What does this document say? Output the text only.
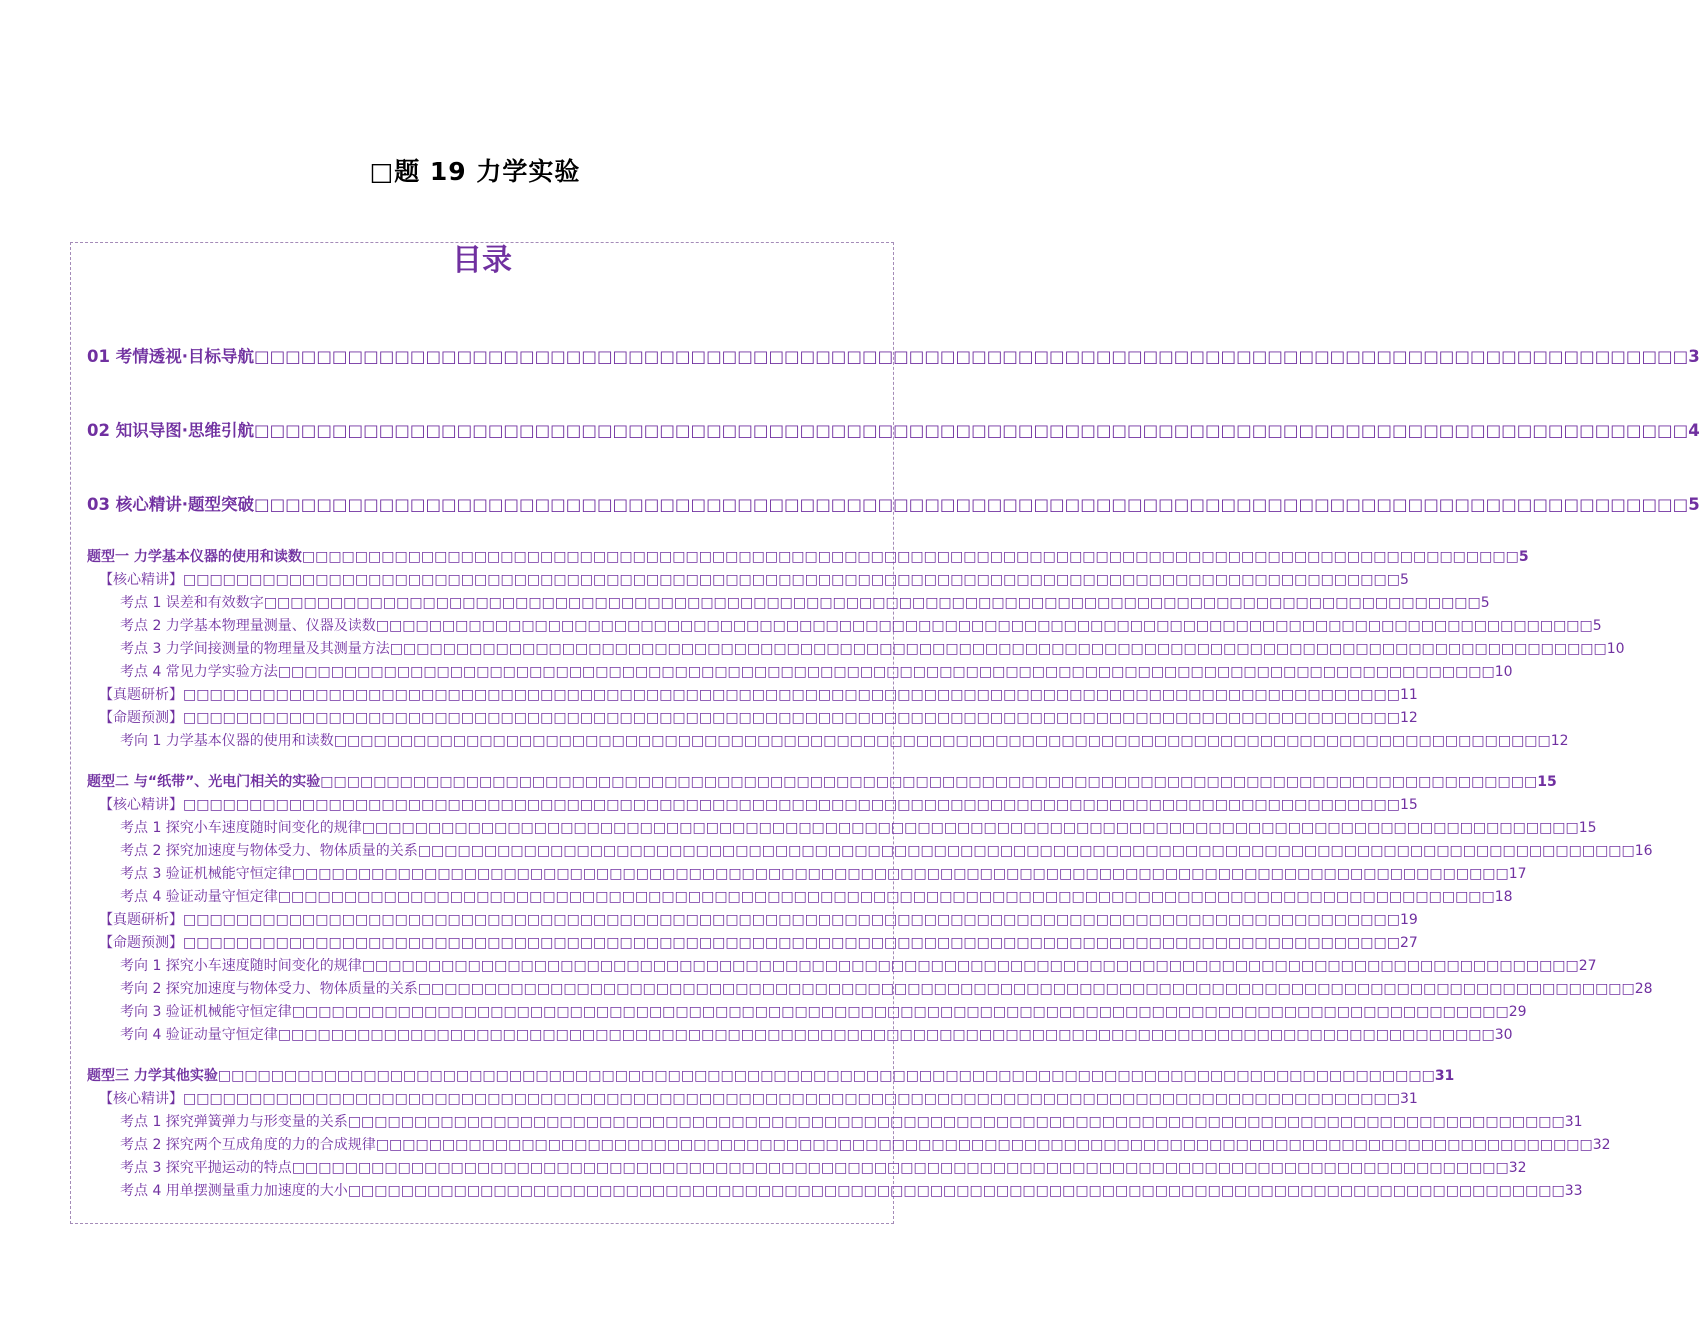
□题 19 力学实验
目录
01 考情透视·目标导航 □□□□□□□□□□□□□□□□□□□□□□□□□□□□□□□□□□□□□□□□□□□□□□□□□□□□□□□□□□□□□□□□□□□□□□□□□□□□□□□□□□□□□□□□□□□□ 3
02 知识导图·思维引航 □□□□□□□□□□□□□□□□□□□□□□□□□□□□□□□□□□□□□□□□□□□□□□□□□□□□□□□□□□□□□□□□□□□□□□□□□□□□□□□□□□□□□□□□□□□□ 4
03 核心精讲·题型突破 □□□□□□□□□□□□□□□□□□□□□□□□□□□□□□□□□□□□□□□□□□□□□□□□□□□□□□□□□□□□□□□□□□□□□□□□□□□□□□□□□□□□□□□□□□□□ 5
题型一 力学基本仪器的使用和读数 □□□□□□□□□□□□□□□□□□□□□□□□□□□□□□□□□□□□□□□□□□□□□□□□□□□□□□□□□□□□□□□□□□□□□□□□□□□□□□□□□□□□□□□□□□□□ 5
【核心精讲】 □□□□□□□□□□□□□□□□□□□□□□□□□□□□□□□□□□□□□□□□□□□□□□□□□□□□□□□□□□□□□□□□□□□□□□□□□□□□□□□□□□□□□□□□□□□□ 5
考点 1 误差和有效数字 □□□□□□□□□□□□□□□□□□□□□□□□□□□□□□□□□□□□□□□□□□□□□□□□□□□□□□□□□□□□□□□□□□□□□□□□□□□□□□□□□□□□□□□□□□□□ 5
考点 2 力学基本物理量测量、仪器及读数 □□□□□□□□□□□□□□□□□□□□□□□□□□□□□□□□□□□□□□□□□□□□□□□□□□□□□□□□□□□□□□□□□□□□□□□□□□□□□□□□□□□□□□□□□□□□ 5
考点 3 力学间接测量的物理量及其测量方法 □□□□□□□□□□□□□□□□□□□□□□□□□□□□□□□□□□□□□□□□□□□□□□□□□□□□□□□□□□□□□□□□□□□□□□□□□□□□□□□□□□□□□□□□□□□□ 10
考点 4 常见力学实验方法 □□□□□□□□□□□□□□□□□□□□□□□□□□□□□□□□□□□□□□□□□□□□□□□□□□□□□□□□□□□□□□□□□□□□□□□□□□□□□□□□□□□□□□□□□□□□ 10
【真题研析】 □□□□□□□□□□□□□□□□□□□□□□□□□□□□□□□□□□□□□□□□□□□□□□□□□□□□□□□□□□□□□□□□□□□□□□□□□□□□□□□□□□□□□□□□□□□□ 11
【命题预测】 □□□□□□□□□□□□□□□□□□□□□□□□□□□□□□□□□□□□□□□□□□□□□□□□□□□□□□□□□□□□□□□□□□□□□□□□□□□□□□□□□□□□□□□□□□□□ 12
考向 1 力学基本仪器的使用和读数 □□□□□□□□□□□□□□□□□□□□□□□□□□□□□□□□□□□□□□□□□□□□□□□□□□□□□□□□□□□□□□□□□□□□□□□□□□□□□□□□□□□□□□□□□□□□ 12
题型二 与“纸带”、光电门相关的实验 □□□□□□□□□□□□□□□□□□□□□□□□□□□□□□□□□□□□□□□□□□□□□□□□□□□□□□□□□□□□□□□□□□□□□□□□□□□□□□□□□□□□□□□□□□□□ 15
【核心精讲】 □□□□□□□□□□□□□□□□□□□□□□□□□□□□□□□□□□□□□□□□□□□□□□□□□□□□□□□□□□□□□□□□□□□□□□□□□□□□□□□□□□□□□□□□□□□□ 15
考点 1 探究小车速度随时间变化的规律 □□□□□□□□□□□□□□□□□□□□□□□□□□□□□□□□□□□□□□□□□□□□□□□□□□□□□□□□□□□□□□□□□□□□□□□□□□□□□□□□□□□□□□□□□□□□ 15
考点 2 探究加速度与物体受力、物体质量的关系 □□□□□□□□□□□□□□□□□□□□□□□□□□□□□□□□□□□□□□□□□□□□□□□□□□□□□□□□□□□□□□□□□□□□□□□□□□□□□□□□□□□□□□□□□□□□ 16
考点 3 验证机械能守恒定律 □□□□□□□□□□□□□□□□□□□□□□□□□□□□□□□□□□□□□□□□□□□□□□□□□□□□□□□□□□□□□□□□□□□□□□□□□□□□□□□□□□□□□□□□□□□□ 17
考点 4 验证动量守恒定律 □□□□□□□□□□□□□□□□□□□□□□□□□□□□□□□□□□□□□□□□□□□□□□□□□□□□□□□□□□□□□□□□□□□□□□□□□□□□□□□□□□□□□□□□□□□□ 18
【真题研析】 □□□□□□□□□□□□□□□□□□□□□□□□□□□□□□□□□□□□□□□□□□□□□□□□□□□□□□□□□□□□□□□□□□□□□□□□□□□□□□□□□□□□□□□□□□□□ 19
【命题预测】 □□□□□□□□□□□□□□□□□□□□□□□□□□□□□□□□□□□□□□□□□□□□□□□□□□□□□□□□□□□□□□□□□□□□□□□□□□□□□□□□□□□□□□□□□□□□ 27
考向 1 探究小车速度随时间变化的规律 □□□□□□□□□□□□□□□□□□□□□□□□□□□□□□□□□□□□□□□□□□□□□□□□□□□□□□□□□□□□□□□□□□□□□□□□□□□□□□□□□□□□□□□□□□□□ 27
考向 2 探究加速度与物体受力、物体质量的关系 □□□□□□□□□□□□□□□□□□□□□□□□□□□□□□□□□□□□□□□□□□□□□□□□□□□□□□□□□□□□□□□□□□□□□□□□□□□□□□□□□□□□□□□□□□□□ 28
考向 3 验证机械能守恒定律 □□□□□□□□□□□□□□□□□□□□□□□□□□□□□□□□□□□□□□□□□□□□□□□□□□□□□□□□□□□□□□□□□□□□□□□□□□□□□□□□□□□□□□□□□□□□ 29
考向 4 验证动量守恒定律 □□□□□□□□□□□□□□□□□□□□□□□□□□□□□□□□□□□□□□□□□□□□□□□□□□□□□□□□□□□□□□□□□□□□□□□□□□□□□□□□□□□□□□□□□□□□ 30
题型三 力学其他实验 □□□□□□□□□□□□□□□□□□□□□□□□□□□□□□□□□□□□□□□□□□□□□□□□□□□□□□□□□□□□□□□□□□□□□□□□□□□□□□□□□□□□□□□□□□□□ 31
【核心精讲】 □□□□□□□□□□□□□□□□□□□□□□□□□□□□□□□□□□□□□□□□□□□□□□□□□□□□□□□□□□□□□□□□□□□□□□□□□□□□□□□□□□□□□□□□□□□□ 31
考点 1 探究弹簧弹力与形变量的关系 □□□□□□□□□□□□□□□□□□□□□□□□□□□□□□□□□□□□□□□□□□□□□□□□□□□□□□□□□□□□□□□□□□□□□□□□□□□□□□□□□□□□□□□□□□□□ 31
考点 2 探究两个互成角度的力的合成规律 □□□□□□□□□□□□□□□□□□□□□□□□□□□□□□□□□□□□□□□□□□□□□□□□□□□□□□□□□□□□□□□□□□□□□□□□□□□□□□□□□□□□□□□□□□□□ 32
考点 3 探究平抛运动的特点 □□□□□□□□□□□□□□□□□□□□□□□□□□□□□□□□□□□□□□□□□□□□□□□□□□□□□□□□□□□□□□□□□□□□□□□□□□□□□□□□□□□□□□□□□□□□ 32
考点 4 用单摆测量重力加速度的大小 □□□□□□□□□□□□□□□□□□□□□□□□□□□□□□□□□□□□□□□□□□□□□□□□□□□□□□□□□□□□□□□□□□□□□□□□□□□□□□□□□□□□□□□□□□□□ 33
